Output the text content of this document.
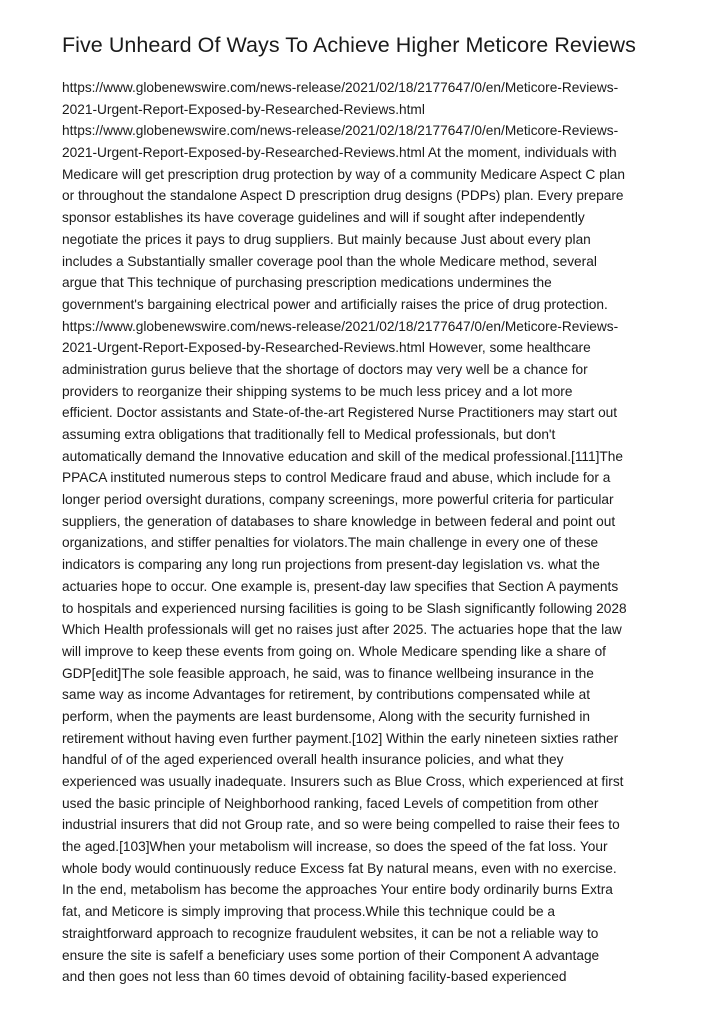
Five Unheard Of Ways To Achieve Higher Meticore Reviews
https://www.globenewswire.com/news-release/2021/02/18/2177647/0/en/Meticore-Reviews-
2021-Urgent-Report-Exposed-by-Researched-Reviews.html
https://www.globenewswire.com/news-release/2021/02/18/2177647/0/en/Meticore-Reviews-
2021-Urgent-Report-Exposed-by-Researched-Reviews.html At the moment, individuals with
Medicare will get prescription drug protection by way of a community Medicare Aspect C plan
or throughout the standalone Aspect D prescription drug designs (PDPs) plan. Every prepare
sponsor establishes its have coverage guidelines and will if sought after independently
negotiate the prices it pays to drug suppliers. But mainly because Just about every plan
includes a Substantially smaller coverage pool than the whole Medicare method, several
argue that This technique of purchasing prescription medications undermines the
government's bargaining electrical power and artificially raises the price of drug protection.
https://www.globenewswire.com/news-release/2021/02/18/2177647/0/en/Meticore-Reviews-
2021-Urgent-Report-Exposed-by-Researched-Reviews.html However, some healthcare
administration gurus believe that the shortage of doctors may very well be a chance for
providers to reorganize their shipping systems to be much less pricey and a lot more
efficient. Doctor assistants and State-of-the-art Registered Nurse Practitioners may start out
assuming extra obligations that traditionally fell to Medical professionals, but don't
automatically demand the Innovative education and skill of the medical professional.[111]The
PPACA instituted numerous steps to control Medicare fraud and abuse, which include for a
longer period oversight durations, company screenings, more powerful criteria for particular
suppliers, the generation of databases to share knowledge in between federal and point out
organizations, and stiffer penalties for violators.The main challenge in every one of these
indicators is comparing any long run projections from present-day legislation vs. what the
actuaries hope to occur. One example is, present-day law specifies that Section A payments
to hospitals and experienced nursing facilities is going to be Slash significantly following 2028
Which Health professionals will get no raises just after 2025. The actuaries hope that the law
will improve to keep these events from going on. Whole Medicare spending like a share of
GDP[edit]The sole feasible approach, he said, was to finance wellbeing insurance in the
same way as income Advantages for retirement, by contributions compensated while at
perform, when the payments are least burdensome, Along with the security furnished in
retirement without having even further payment.[102] Within the early nineteen sixties rather
handful of of the aged experienced overall health insurance policies, and what they
experienced was usually inadequate. Insurers such as Blue Cross, which experienced at first
used the basic principle of Neighborhood ranking, faced Levels of competition from other
industrial insurers that did not Group rate, and so were being compelled to raise their fees to
the aged.[103]When your metabolism will increase, so does the speed of the fat loss. Your
whole body would continuously reduce Excess fat By natural means, even with no exercise.
In the end, metabolism has become the approaches Your entire body ordinarily burns Extra
fat, and Meticore is simply improving that process.While this technique could be a
straightforward approach to recognize fraudulent websites, it can be not a reliable way to
ensure the site is safeIf a beneficiary uses some portion of their Component A advantage
and then goes not less than 60 times devoid of obtaining facility-based experienced
